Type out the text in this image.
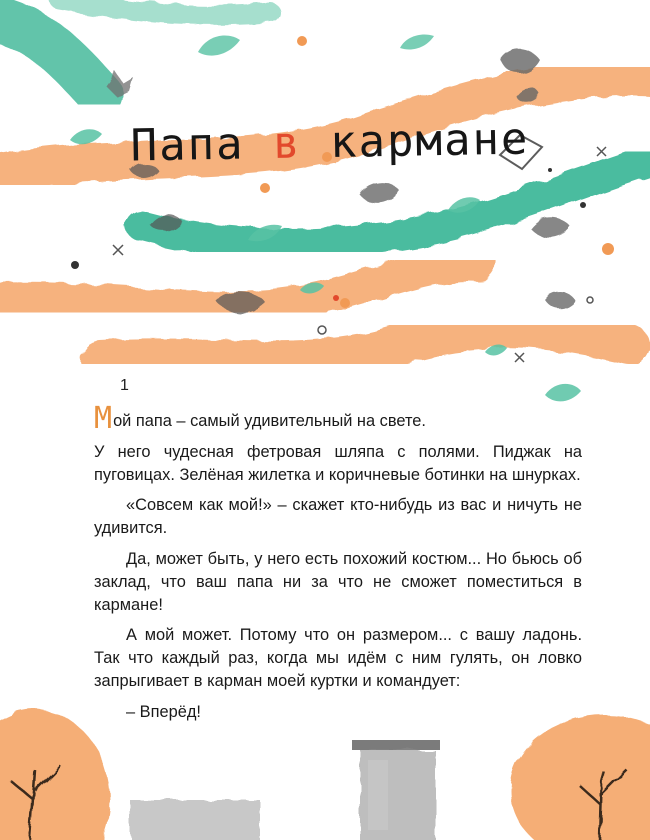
Папа в кармане
1

Мой папа – самый удивительный на свете.

У него чудесная фетровая шляпа с полями. Пиджак на пуговицах. Зелёная жилетка и коричневые ботинки на шнурках.

«Совсем как мой!» – скажет кто-нибудь из вас и ничуть не удивится.

Да, может быть, у него есть похожий костюм... Но бьюсь об заклад, что ваш папа ни за что не сможет поместиться в кармане!

А мой может. Потому что он размером... с вашу ладонь. Так что каждый раз, когда мы идём с ним гулять, он ловко запрыгивает в карман моей куртки и командует:

– Вперёд!
